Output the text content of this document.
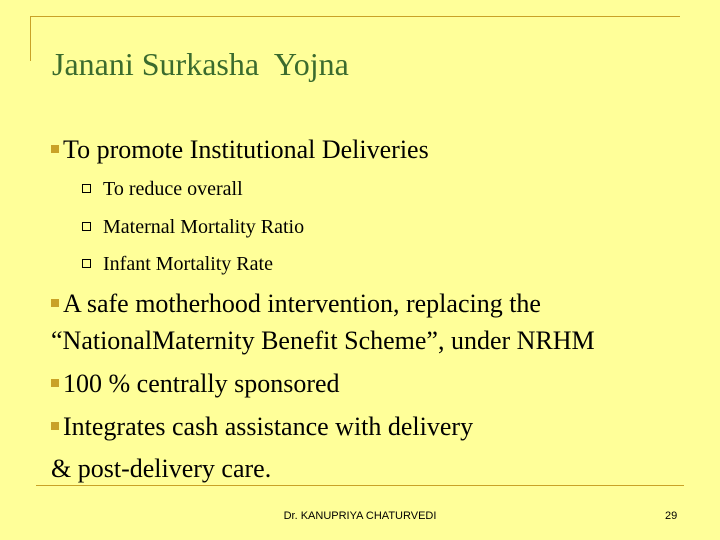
Janani Surkasha  Yojna
To promote Institutional Deliveries
To reduce overall
Maternal Mortality Ratio
Infant Mortality Rate
A safe motherhood intervention, replacing the
“NationalMaternity Benefit Scheme”, under NRHM
100 % centrally sponsored
Integrates cash assistance with delivery
& post-delivery care.
Dr. KANUPRIYA CHATURVEDI	29
